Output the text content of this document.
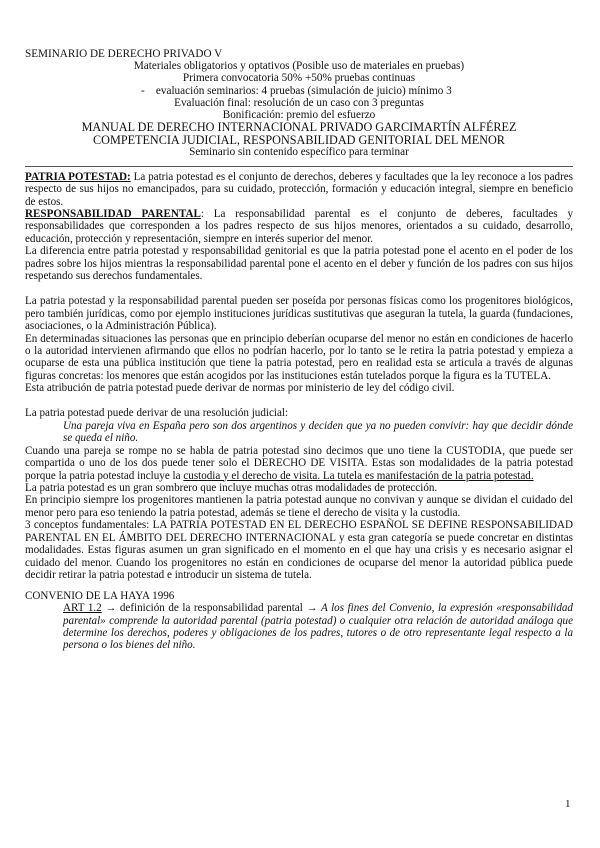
SEMINARIO DE DERECHO PRIVADO V
Materiales obligatorios y optativos (Posible uso de materiales en pruebas)
Primera convocatoria 50% +50% pruebas continuas
- evaluación seminarios: 4 pruebas (simulación de juicio) mínimo 3
Evaluación final: resolución de un caso con 3 preguntas
Bonificación: premio del esfuerzo
MANUAL DE DERECHO INTERNACIONAL PRIVADO GARCIMARTÍN ALFÉREZ
COMPETENCIA JUDICIAL, RESPONSABILIDAD GENITORIAL DEL MENOR
Seminario sin contenido específico para terminar

PATRIA POTESTAD: La patria potestad es el conjunto de derechos, deberes y facultades que la ley reconoce a los padres respecto de sus hijos no emancipados, para su cuidado, protección, formación y educación integral, siempre en beneficio de estos.

RESPONSABILIDAD PARENTAL: La responsabilidad parental es el conjunto de deberes, facultades y responsabilidades que corresponden a los padres respecto de sus hijos menores, orientados a su cuidado, desarrollo, educación, protección y representación, siempre en interés superior del menor.

La diferencia entre patria potestad y responsabilidad genitorial es que la patria potestad pone el acento en el poder de los padres sobre los hijos mientras la responsabilidad parental pone el acento en el deber y función de los padres con sus hijos respetando sus derechos fundamentales.

La patria potestad y la responsabilidad parental pueden ser poseída por personas físicas como los progenitores biológicos, pero también jurídicas, como por ejemplo instituciones jurídicas sustitutivas que aseguran la tutela, la guarda (fundaciones, asociaciones, o la Administración Pública).

En determinadas situaciones las personas que en principio deberían ocuparse del menor no están en condiciones de hacerlo o la autoridad intervienen afirmando que ellos no podrían hacerlo, por lo tanto se le retira la patria potestad y empieza a ocuparse de esta una pública institución que tiene la patria potestad, pero en realidad esta se articula a través de algunas figuras concretas: los menores que están acogidos por las instituciones están tutelados porque la figura es la TUTELA.

Esta atribución de patria potestad puede derivar de normas por ministerio de ley del código civil.

La patria potestad puede derivar de una resolución judicial:

Una pareja viva en España pero son dos argentinos y deciden que ya no pueden convivir: hay que decidir dónde se queda el niño.

Cuando una pareja se rompe no se habla de patria potestad sino decimos que uno tiene la CUSTODIA, que puede ser compartida o uno de los dos puede tener solo el DERECHO DE VISITA. Estas son modalidades de la patria potestad porque la patria potestad incluye la custodia y el derecho de visita. La tutela es manifestación de la patria potestad.

La patria potestad es un gran sombrero que incluye muchas otras modalidades de protección.

En principio siempre los progenitores mantienen la patria potestad aunque no convivan y aunque se dividan el cuidado del menor pero para eso teniendo la patria potestad, además se tiene el derecho de visita y la custodia.

3 conceptos fundamentales: LA PATRIA POTESTAD EN EL DERECHO ESPAÑOL SE DEFINE RESPONSABILIDAD PARENTAL EN EL ÁMBITO DEL DERECHO INTERNACIONAL y esta gran categoría se puede concretar en distintas modalidades. Estas figuras asumen un gran significado en el momento en el que hay una crisis y es necesario asignar el cuidado del menor. Cuando los progenitores no están en condiciones de ocuparse del menor la autoridad pública puede decidir retirar la patria potestad e introducir un sistema de tutela.

CONVENIO DE LA HAYA 1996

ART 1.2 → definición de la responsabilidad parental → A los fines del Convenio, la expresión «responsabilidad parental» comprende la autoridad parental (patria potestad) o cualquier otra relación de autoridad análoga que determine los derechos, poderes y obligaciones de los padres, tutores o de otro representante legal respecto a la persona o los bienes del niño.

1
